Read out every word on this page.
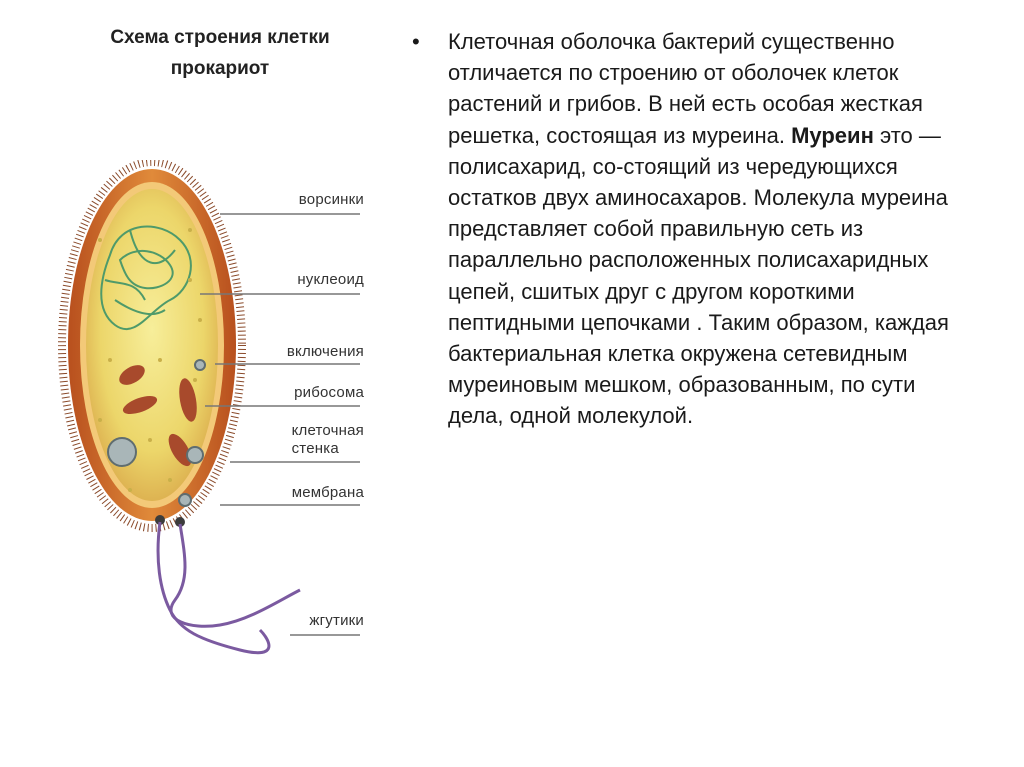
Схема строения клетки прокариот
ворсинки
нуклеоид
включения
рибосома
клеточная
стенка
мембрана
жгутики
•	Клеточная оболочка бактерий существенно отличается по строению от оболочек клеток растений и грибов. В ней есть особая жесткая решетка, состоящая из муреина. Муреин это —полисахарид, со-стоящий из чередующихся остатков двух аминосахаров. Молекула муреина представляет собой правильную сеть из параллельно расположенных полисахаридных цепей, сшитых друг с другом короткими пептидными цепочками . Таким образом, каждая бактериальная клетка окружена сетевидным муреиновым мешком, образованным, по сути дела, одной молекулой.
